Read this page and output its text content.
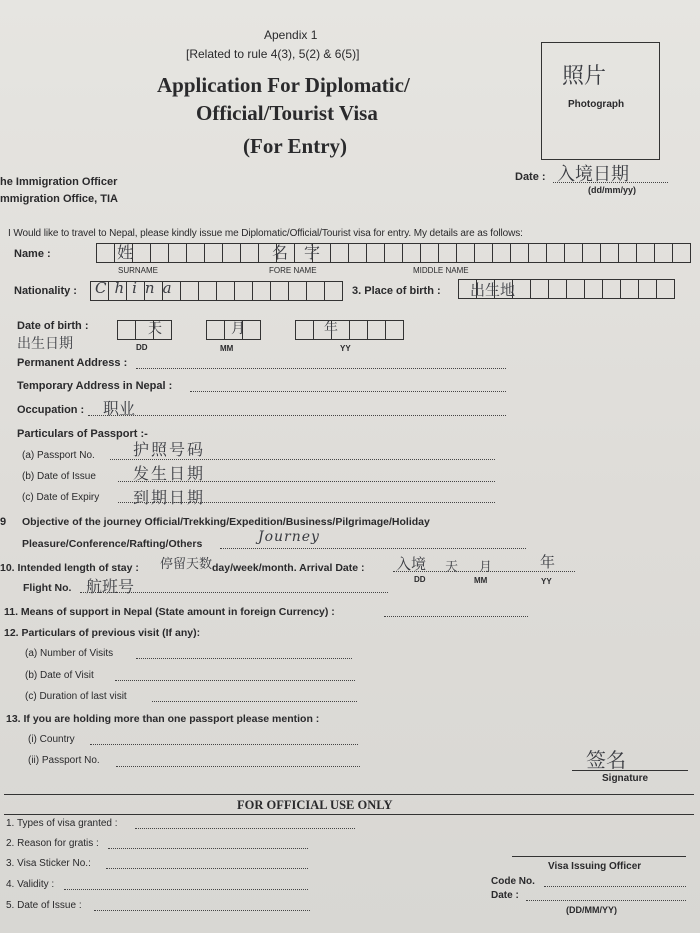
Apendix 1
[Related to rule 4(3), 5(2) & 6(5)]
Application For Diplomatic/
Official/Tourist Visa
(For Entry)
照片
Photograph
Date : 入境日期
(dd/mm/yy)
he Immigration Officer
mmigration Office, TIA
I Would like to travel to Nepal, please kindly issue me Diplomatic/Official/Tourist visa for entry. My details are as follows:
Name :	姓	名字
SURNAME	FORE NAME	MIDDLE NAME
Nationality : China	3. Place of birth : 出生地
Date of birth :
出生日期
天	月	年
DD	MM	YY
Permanent Address :
Temporary Address in Nepal :
Occupation : 职业
Particulars of Passport :-
(a) Passport No. 护照号码
(b) Date of Issue 发生日期
(c) Date of Expiry 到期日期
9 Objective of the journey Official/Trekking/Expedition/Business/Pilgrimage/Holiday
Pleasure/Conference/Rafting/Others	Journey
10. Intended length of stay : 停留天数 day/week/month. Arrival Date : 入境 天 月	年
DD	MM	YY
Flight No. 航班号
11. Means of support in Nepal (State amount in foreign Currency) :
12. Particulars of previous visit (If any):
(a) Number of Visits
(b) Date of Visit
(c) Duration of last visit
13. If you are holding more than one passport please mention :
(i) Country
(ii) Passport No.	签名
Signature
FOR OFFICIAL USE ONLY
1. Types of visa granted :
2. Reason for gratis :
3. Visa Sticker No.:
4. Validity :
5. Date of Issue :
Visa Issuing Officer
Code No.
Date :
(DD/MM/YY)
